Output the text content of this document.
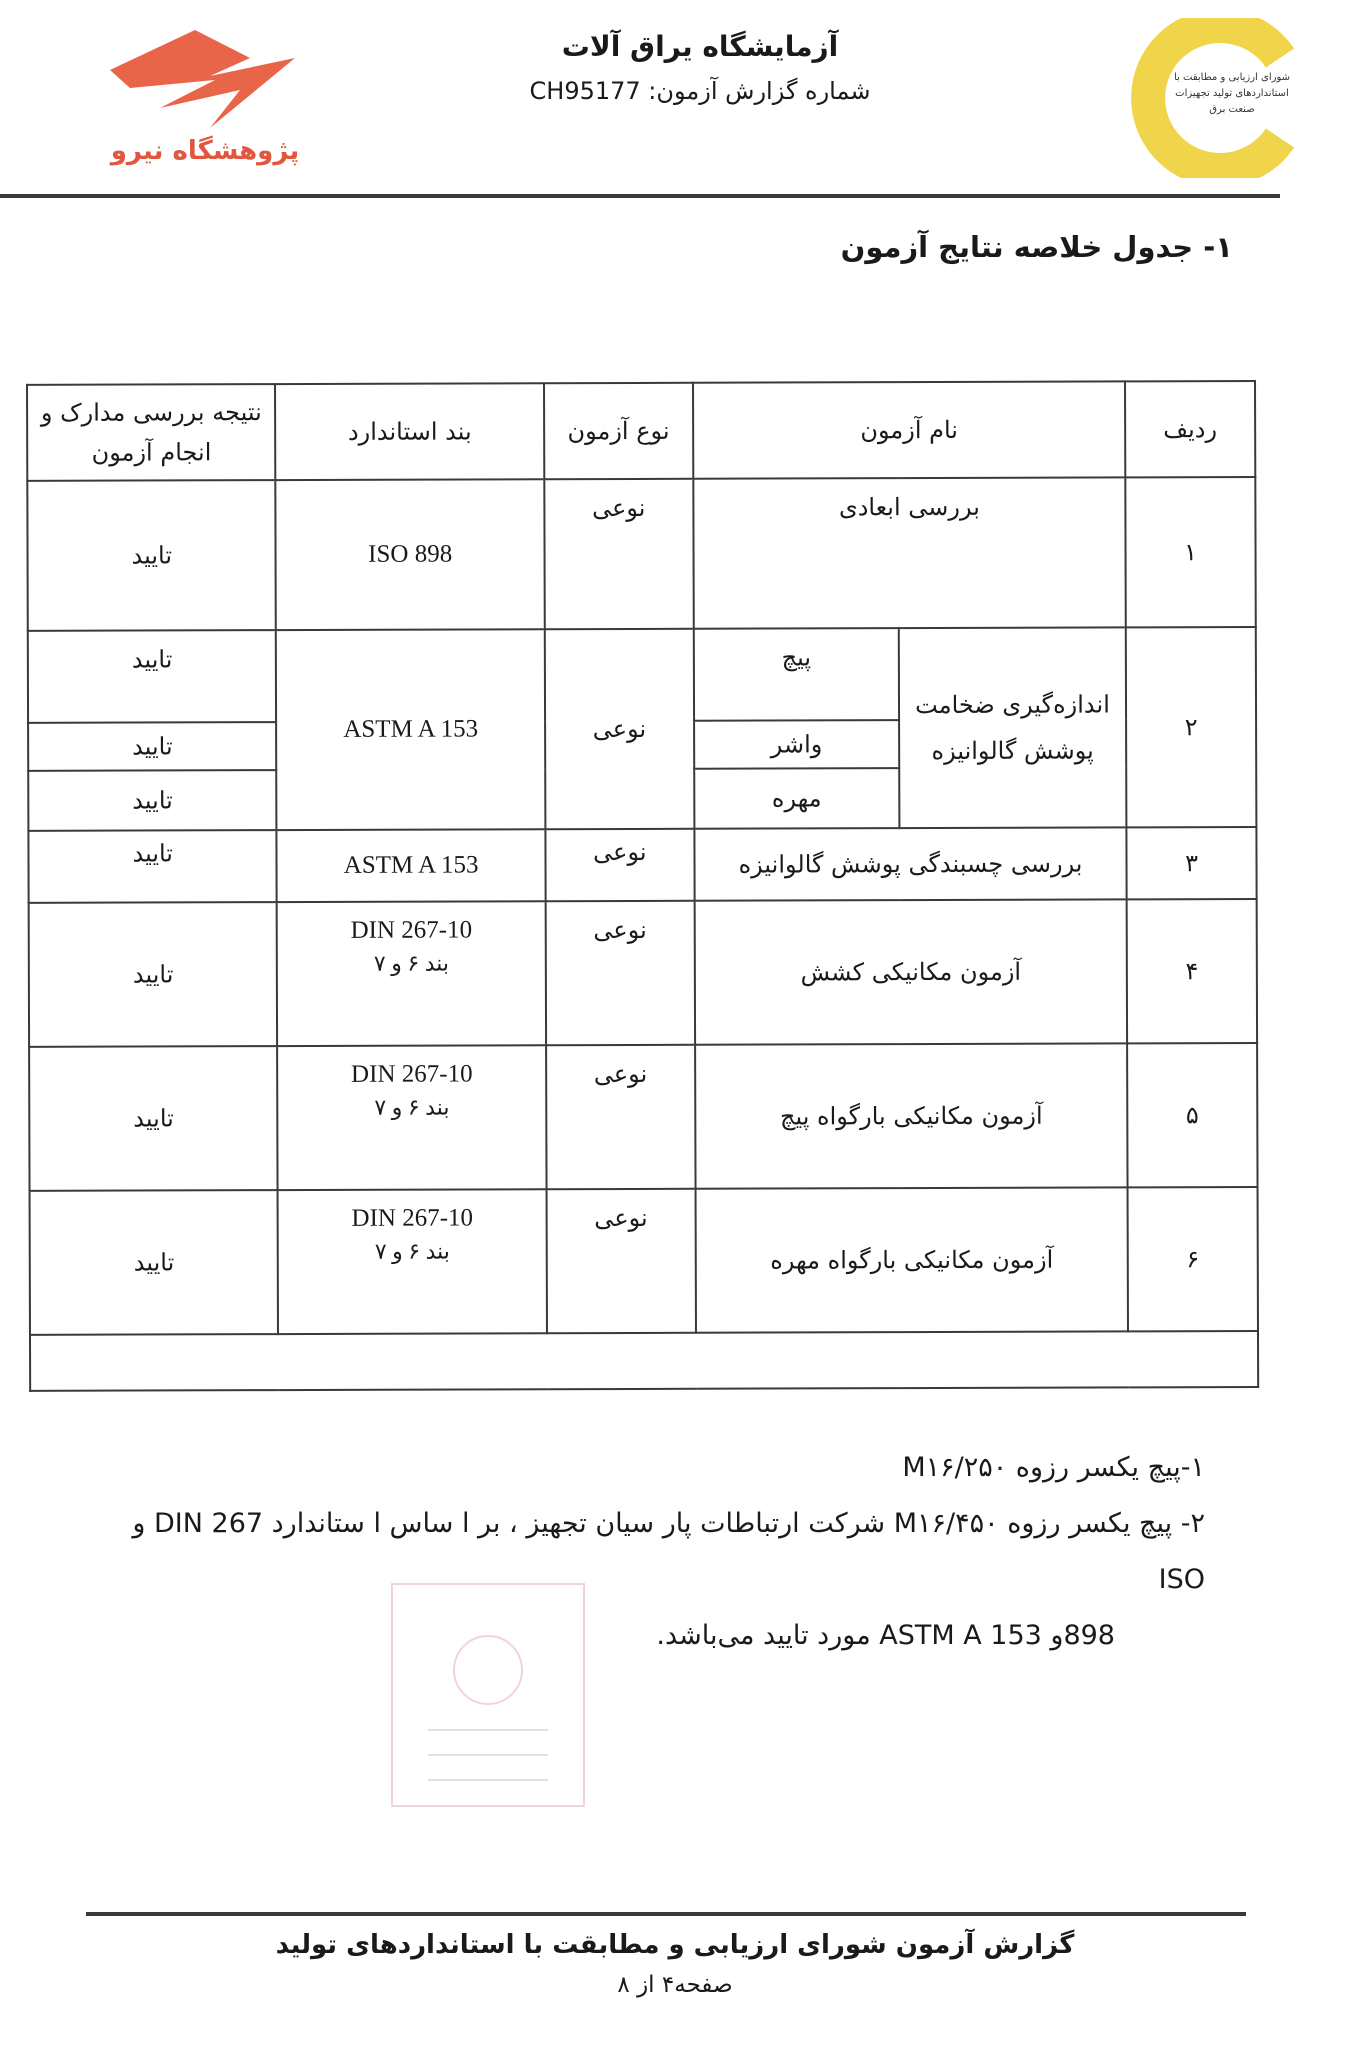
پژوهشگاه نیرو
آزمایشگاه یراق آلات
شماره گزارش آزمون: CH95177	شورای ارزیابی و مطابقت با استانداردهای تولید تجهیزات صنعت برق
۱- جدول خلاصه نتایج آزمون
ردیف	نام آزمون		نوع آزمون	بند استاندارد	نتیجه بررسی مدارک و انجام آزمون
۱	بررسی ابعادی		نوعی	ISO 898	تایید
۲	اندازه‌گیری ضخامت پوشش گالوانیزه	پیچ	نوعی	ASTM A 153	تایید
		واشر			تایید
		مهره			تایید
۳	بررسی چسبندگی پوشش گالوانیزه		نوعی	ASTM A 153	تایید
۴	آزمون مکانیکی کشش		نوعی	DIN 267-10
بند ۶ و ۷	تایید
۵	آزمون مکانیکی بارگواه پیچ		نوعی	DIN 267-10
بند ۶ و ۷	تایید
۶	آزمون مکانیکی بارگواه مهره		نوعی	DIN 267-10
بند ۶ و ۷	تایید

۱-پیچ یکسر رزوه M۱۶/۲۵۰
۲- پیچ یکسر رزوه M۱۶/۴۵۰ شرکت ارتباطات پار سیان تجهیز ، بر ا ساس ا ستاندارد DIN 267 و ISO
898و ASTM A 153 مورد تایید می‌باشد.
گزارش آزمون شورای ارزیابی و مطابقت با استانداردهای تولید
صفحه۴ از ۸
